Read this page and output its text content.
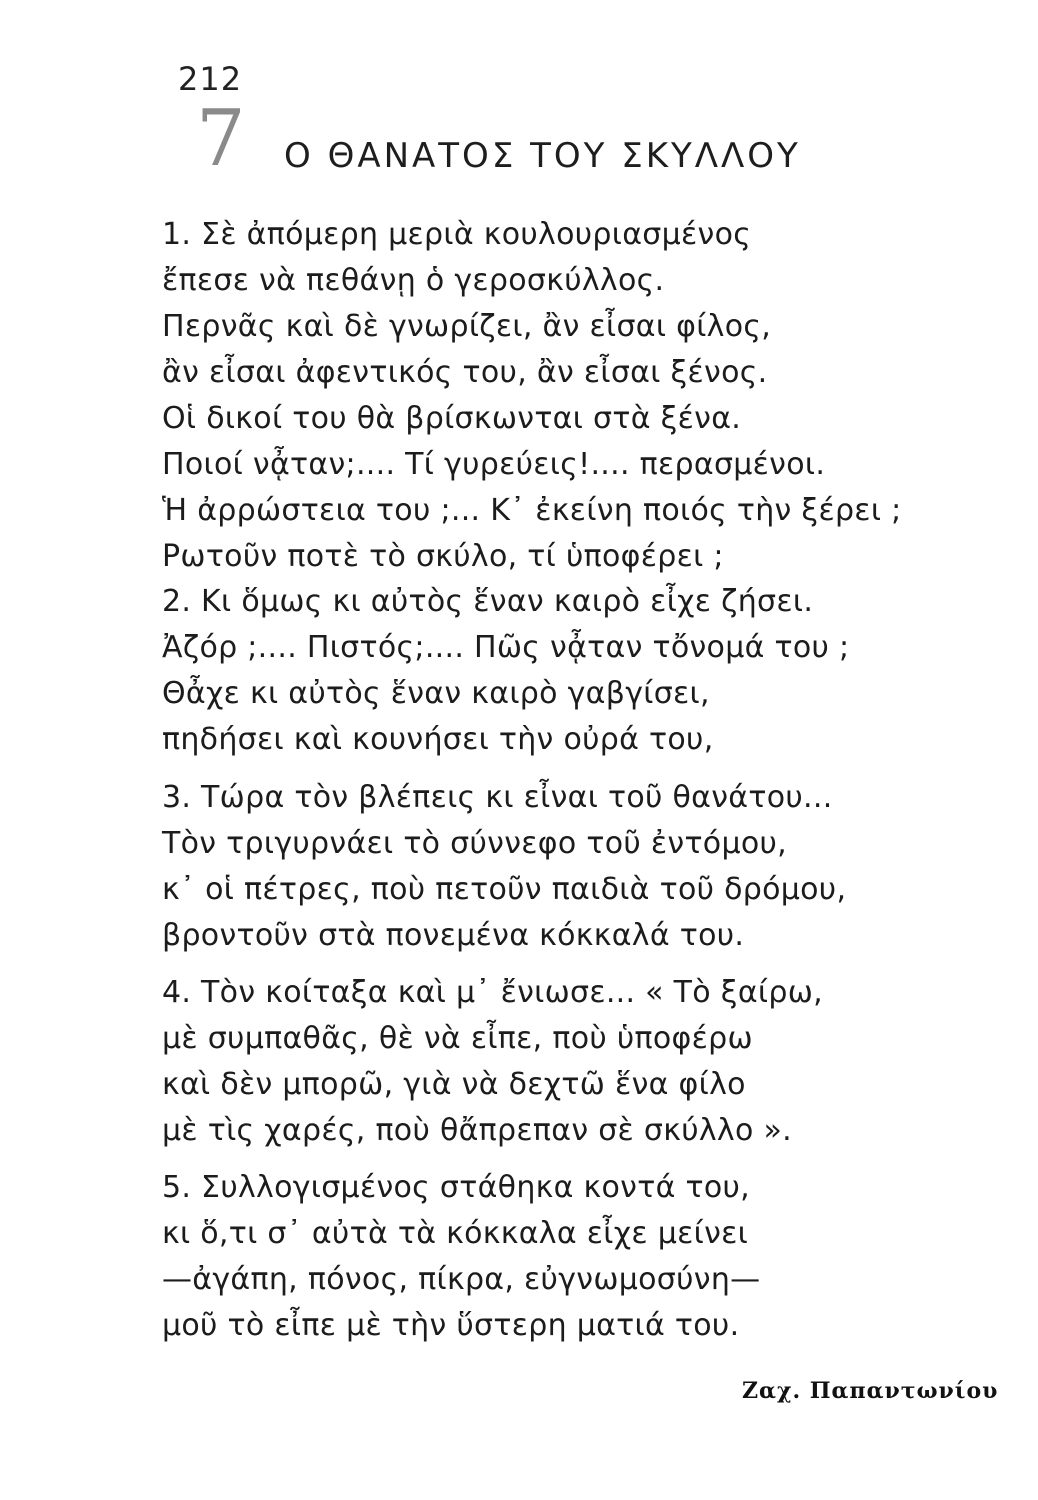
212
7 Ο ΘΑΝΑΤΟΣ ΤΟΥ ΣΚΥΛΛΟΥ
1. Σὲ ἀπόμερη μεριὰ κουλουριασμένος
ἔπεσε νὰ πεθάνῃ ὁ γεροσκύλλος.
Περνᾶς καὶ δὲ γνωρίζει, ἂν εἶσαι φίλος,
ἂν εἶσαι ἀφεντικός του, ἂν εἶσαι ξένος.
Οἱ δικοί του θὰ βρίσκωνται στὰ ξένα.
Ποιοί νᾆταν;.... Τί γυρεύεις!.... περασμένοι.
Ἡ ἀρρώστεια του ;... Κ᾽ ἐκείνη ποιός τὴν ξέρει ;
Ρωτοῦν ποτὲ τὸ σκύλο, τί ὑποφέρει ;
2. Κι ὅμως κι αὐτὸς ἕναν καιρὸ εἶχε ζήσει.
Ἀζόρ ;.... Πιστός;.... Πῶς νᾆταν τὄνομά του ;
Θἆχε κι αὐτὸς ἕναν καιρὸ γαβγίσει,
πηδήσει καὶ κουνήσει τὴν οὐρά του,
3. Τώρα τὸν βλέπεις κι εἶναι τοῦ θανάτου...
Τὸν τριγυρνάει τὸ σύννεφο τοῦ ἐντόμου,
κ᾽ οἱ πέτρες, ποὺ πετοῦν παιδιὰ τοῦ δρόμου,
βροντοῦν στὰ πονεμένα κόκκαλά του.
4. Τὸν κοίταξα καὶ μ᾽ ἔνιωσε... « Τὸ ξαίρω,
μὲ συμπαθᾶς, θὲ νὰ εἶπε, ποὺ ὑποφέρω
καὶ δὲν μπορῶ, γιὰ νὰ δεχτῶ ἕνα φίλο
μὲ τὶς χαρές, ποὺ θἄπρεπαν σὲ σκύλλο ».
5. Συλλογισμένος στάθηκα κοντά του,
κι ὅ,τι σ᾽ αὐτὰ τὰ κόκκαλα εἶχε μείνει
—ἀγάπη, πόνος, πίκρα, εὐγνωμοσύνη—
μοῦ τὸ εἶπε μὲ τὴν ὕστερη ματιά του.
Ζαχ. Παπαντωνίου
